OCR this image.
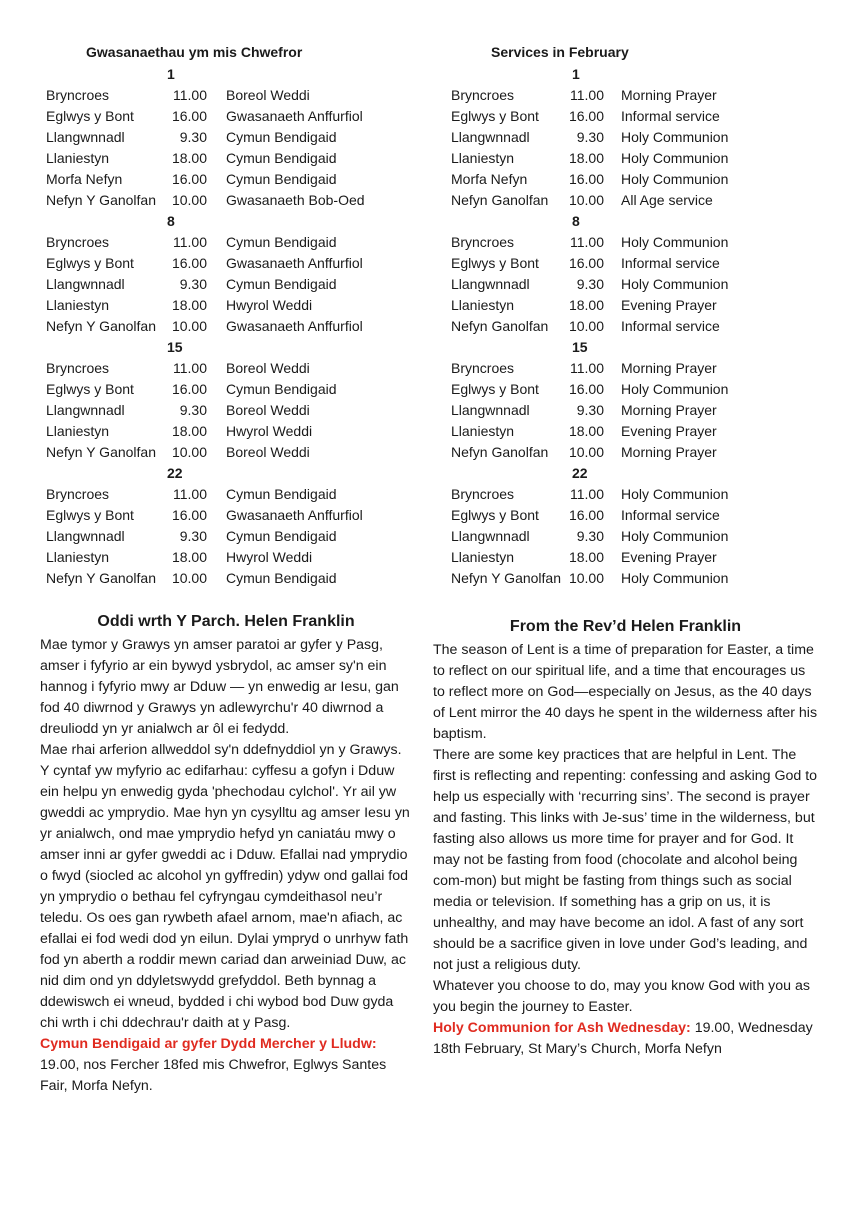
Gwasanaethau ym mis Chwefror
1
Bryncroes	11.00 Boreol Weddi
Eglwys y Bont	16.00 Gwasanaeth Anffurfiol
Llangwnnadl	9.30 Cymun Bendigaid
Llaniestyn	18.00 Cymun Bendigaid
Morfa Nefyn	16.00 Cymun Bendigaid
Nefyn Y Ganolfan	10.00 Gwasanaeth Bob-Oed
8
Bryncroes	11.00 Cymun Bendigaid
Eglwys y Bont	16.00 Gwasanaeth Anffurfiol
Llangwnnadl	9.30 Cymun Bendigaid
Llaniestyn	18.00 Hwyrol Weddi
Nefyn Y Ganolfan	10.00 Gwasanaeth Anffurfiol
15
Bryncroes	11.00 Boreol Weddi
Eglwys y Bont	16.00 Cymun Bendigaid
Llangwnnadl	9.30 Boreol Weddi
Llaniestyn	18.00 Hwyrol Weddi
Nefyn Y Ganolfan	10.00 Boreol Weddi
22
Bryncroes	11.00 Cymun Bendigaid
Eglwys y Bont	16.00 Gwasanaeth Anffurfiol
Llangwnnadl	9.30 Cymun Bendigaid
Llaniestyn	18.00 Hwyrol Weddi
Nefyn Y Ganolfan	10.00 Cymun Bendigaid
Oddi wrth Y Parch. Helen Franklin

Mae tymor y Grawys yn amser paratoi ar gyfer y Pasg, amser i fyfyrio ar ein bywyd ysbrydol, ac amser sy'n ein hannog i fyfyrio mwy ar Dduw — yn enwedig ar Iesu, gan fod 40 diwrnod y Grawys yn adlewyrchu'r 40 diwrnod a dreuliodd yn yr anialwch ar ôl ei fedydd.

Mae rhai arferion allweddol sy'n ddefnyddiol yn y Grawys. Y cyntaf yw myfyrio ac edifarhau: cyffesu a gofyn i Dduw ein helpu yn enwedig gyda 'phechodau cylchol'. Yr ail yw gweddi ac ymprydio. Mae hyn yn cysylltu ag amser Iesu yn yr anialwch, ond mae ymprydio hefyd yn caniatáu mwy o amser inni ar gyfer gweddi ac i Dduw. Efallai nad ymprydio o fwyd (siocled ac alcohol yn gyffredin) ydyw ond gallai fod yn ymprydio o bethau fel cyfryngau cymdeithasol neu’r teledu. Os oes gan rywbeth afael arnom, mae'n afiach, ac efallai ei fod wedi dod yn eilun. Dylai ympryd o unrhyw fath fod yn aberth a roddir mewn cariad dan arweiniad Duw, ac nid dim ond yn ddyletswydd grefyddol. Beth bynnag a ddewiswch ei wneud, bydded i chi wybod bod Duw gyda chi wrth i chi ddechrau'r daith at y Pasg.

Cymun Bendigaid ar gyfer Dydd Mercher y Lludw: 19.00, nos Fercher 18fed mis Chwefror, Eglwys Santes Fair, Morfa Nefyn.

Services in February
1
Bryncroes	11.00 Morning Prayer
Eglwys y Bont	16.00 Informal service
Llangwnnadl	9.30 Holy Communion
Llaniestyn	18.00 Holy Communion
Morfa Nefyn	16.00 Holy Communion
Nefyn Ganolfan	10.00 All Age service
8
Bryncroes	11.00 Holy Communion
Eglwys y Bont	16.00 Informal service
Llangwnnadl	9.30 Holy Communion
Llaniestyn	18.00 Evening Prayer
Nefyn Ganolfan	10.00 Informal service
15
Bryncroes	11.00 Morning Prayer
Eglwys y Bont	16.00 Holy Communion
Llangwnnadl	9.30 Morning Prayer
Llaniestyn	18.00 Evening Prayer
Nefyn Ganolfan	10.00 Morning Prayer
22
Bryncroes	11.00 Holy Communion
Eglwys y Bont	16.00 Informal service
Llangwnnadl	9.30 Holy Communion
Llaniestyn	18.00 Evening Prayer
Nefyn Y Ganolfan 10.00 Holy Communion
From the Rev’d Helen Franklin

The season of Lent is a time of preparation for Easter, a time to reflect on our spiritual life, and a time that encourages us to reflect more on God—especially on Jesus, as the 40 days of Lent mirror the 40 days he spent in the wilderness after his baptism.

There are some key practices that are helpful in Lent. The first is reflecting and repenting: confessing and asking God to help us especially with ‘recurring sins’. The second is prayer and fasting. This links with Je-sus’ time in the wilderness, but fasting also allows us more time for prayer and for God. It may not be fasting from food (chocolate and alcohol being com-mon) but might be fasting from things such as social media or television. If something has a grip on us, it is unhealthy, and may have become an idol. A fast of any sort should be a sacrifice given in love under God’s leading, and not just a religious duty.

Whatever you choose to do, may you know God with you as you begin the journey to Easter.

Holy Communion for Ash Wednesday: 19.00, Wednesday 18th February, St Mary’s Church, Morfa Nefyn
